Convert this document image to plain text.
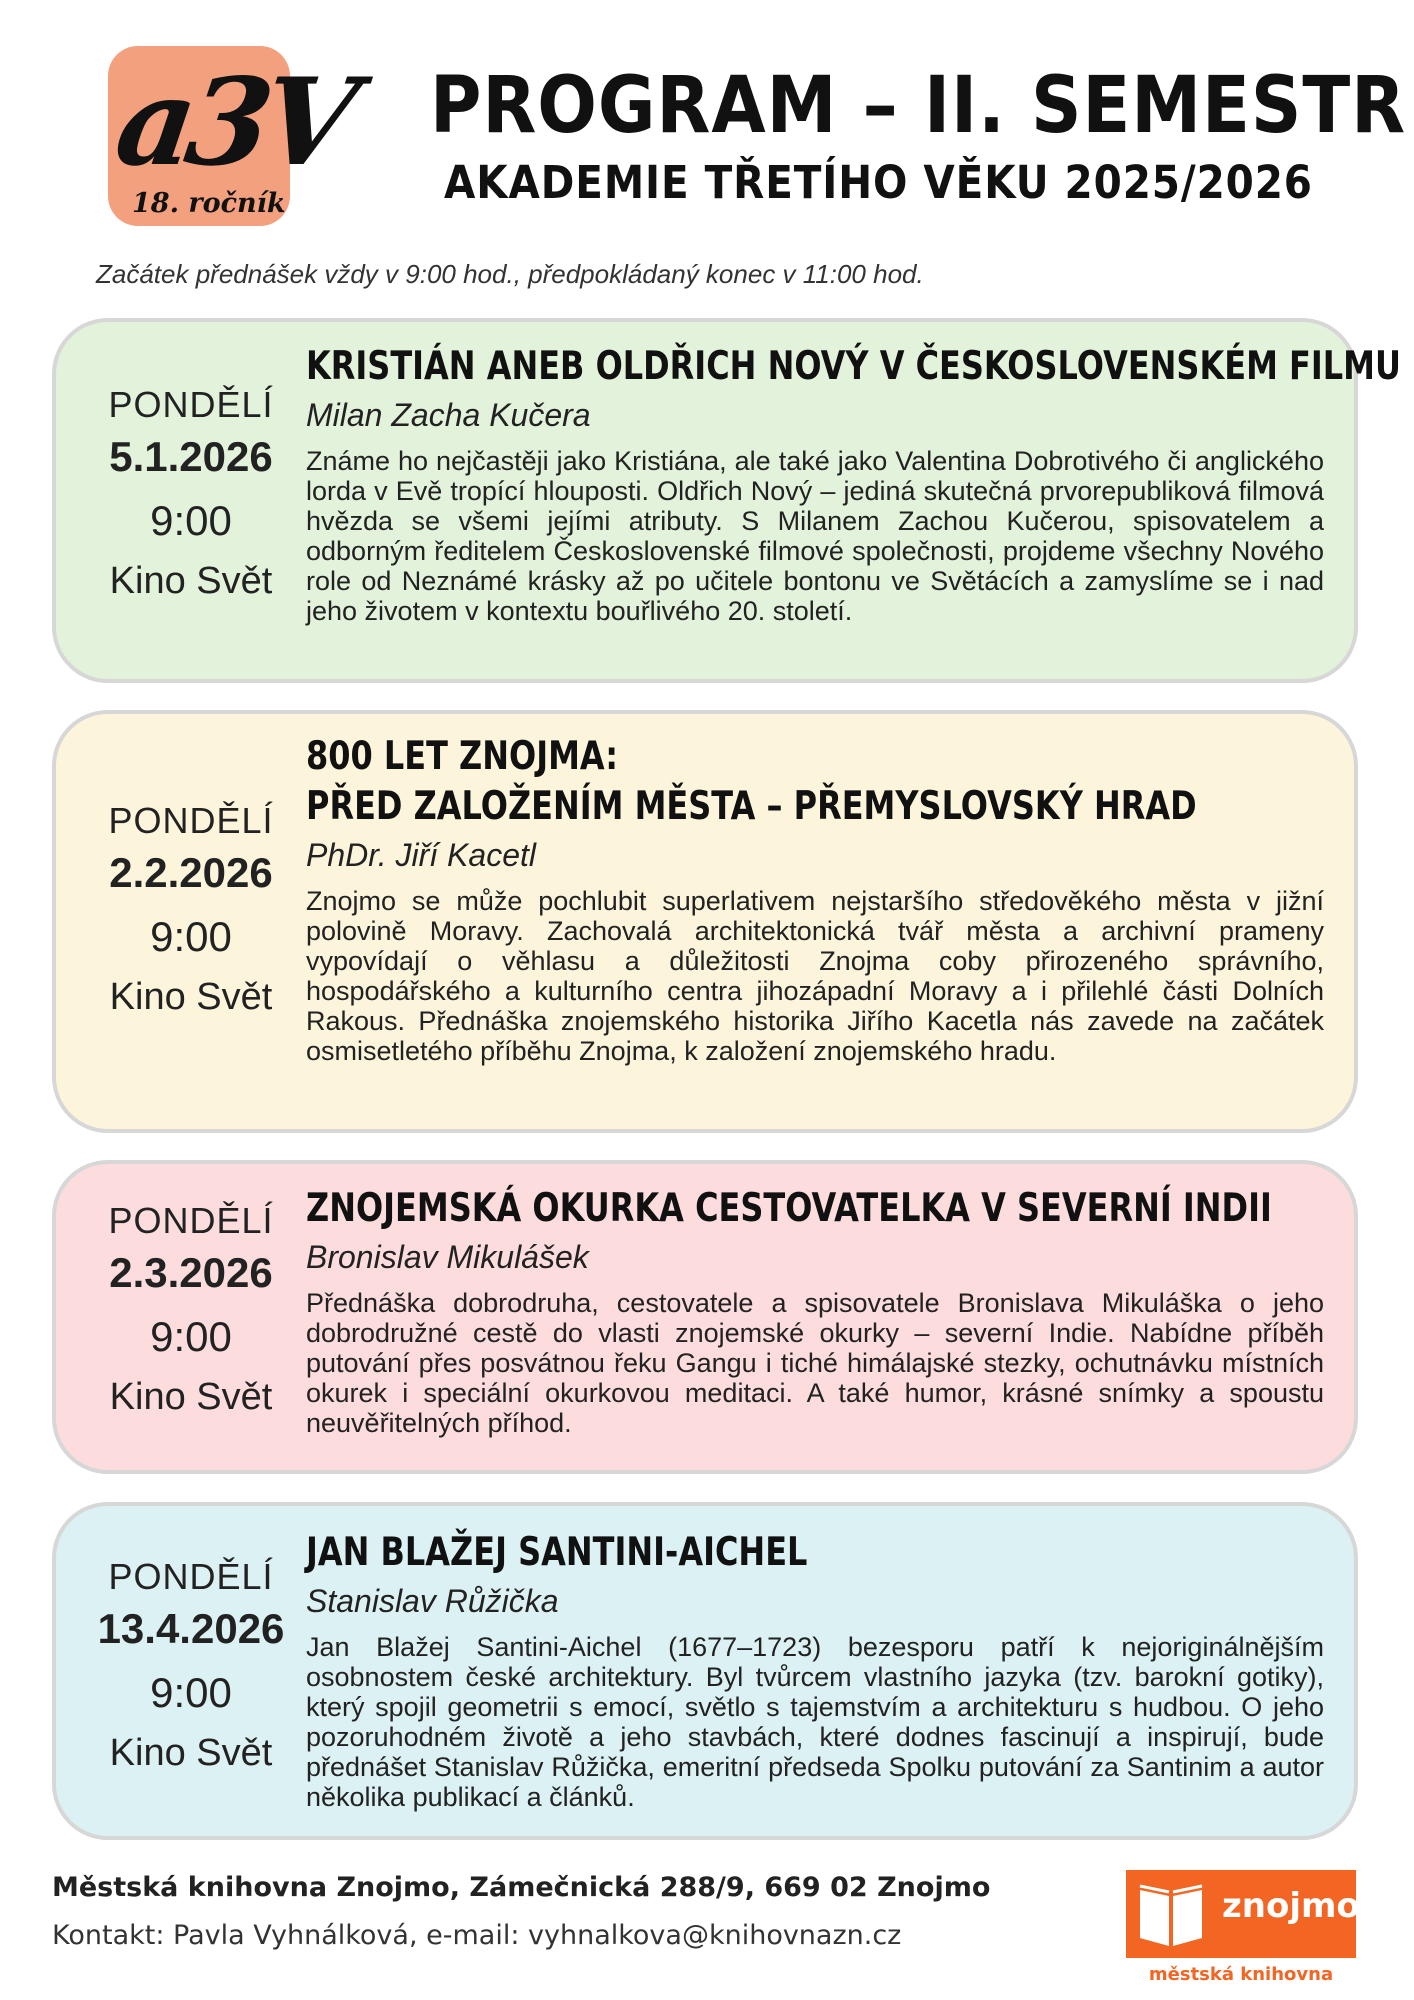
a3V
18. ročník
PROGRAM – II. SEMESTR
AKADEMIE TŘETÍHO VĚKU 2025/2026
Začátek přednášek vždy v 9:00 hod., předpokládaný konec v 11:00 hod.
PONDĚLÍ
5.1.2026
9:00
Kino Svět
KRISTIÁN ANEB OLDŘICH NOVÝ V ČESKOSLOVENSKÉM FILMU
Milan Zacha Kučera
Známe ho nejčastěji jako Kristiána, ale také jako Valentina Dobrotivého či anglického lorda v Evě tropící hlouposti. Oldřich Nový – jediná skutečná prvorepubliková filmová hvězda se všemi jejími atributy. S Milanem Zachou Kučerou, spisovatelem a odborným ředitelem Československé filmové společnosti, projdeme všechny Nového role od Neznámé krásky až po učitele bontonu ve Světácích a zamyslíme se i nad jeho životem v kontextu bouřlivého 20. století.
PONDĚLÍ
2.2.2026
9:00
Kino Svět
800 LET ZNOJMA:
PŘED ZALOŽENÍM MĚSTA – PŘEMYSLOVSKÝ HRAD
PhDr. Jiří Kacetl
Znojmo se může pochlubit superlativem nejstaršího středověkého města v jižní polovině Moravy. Zachovalá architektonická tvář města a archivní prameny vypovídají o věhlasu a důležitosti Znojma coby přirozeného správního, hospodářského a kulturního centra jihozápadní Moravy a i přilehlé části Dolních Rakous. Přednáška znojemského historika Jiřího Kacetla nás zavede na začátek osmisetletého příběhu Znojma, k založení znojemského hradu.
PONDĚLÍ
2.3.2026
9:00
Kino Svět
ZNOJEMSKÁ OKURKA CESTOVATELKA V SEVERNÍ INDII
Bronislav Mikulášek
Přednáška dobrodruha, cestovatele a spisovatele Bronislava Mikuláška o jeho dobrodružné cestě do vlasti znojemské okurky – severní Indie. Nabídne příběh putování přes posvátnou řeku Gangu i tiché himálajské stezky, ochutnávku místních okurek i speciální okurkovou meditaci. A také humor, krásné snímky a spoustu neuvěřitelných příhod.
PONDĚLÍ
13.4.2026
9:00
Kino Svět
JAN BLAŽEJ SANTINI-AICHEL
Stanislav Růžička
Jan Blažej Santini-Aichel (1677–1723) bezesporu patří k nejoriginálnějším osobnostem české architektury. Byl tvůrcem vlastního jazyka (tzv. barokní gotiky), který spojil geometrii s emocí, světlo s tajemstvím a architekturu s hudbou. O jeho pozoruhodném životě a jeho stavbách, které dodnes fascinují a inspirují, bude přednášet Stanislav Růžička, emeritní předseda Spolku putování za Santinim a autor několika publikací a článků.
Městská knihovna Znojmo, Zámečnická 288/9, 669 02 Znojmo
Kontakt: Pavla Vyhnálková, e-mail: vyhnalkova@knihovnazn.cz
znojmo
městská knihovna
